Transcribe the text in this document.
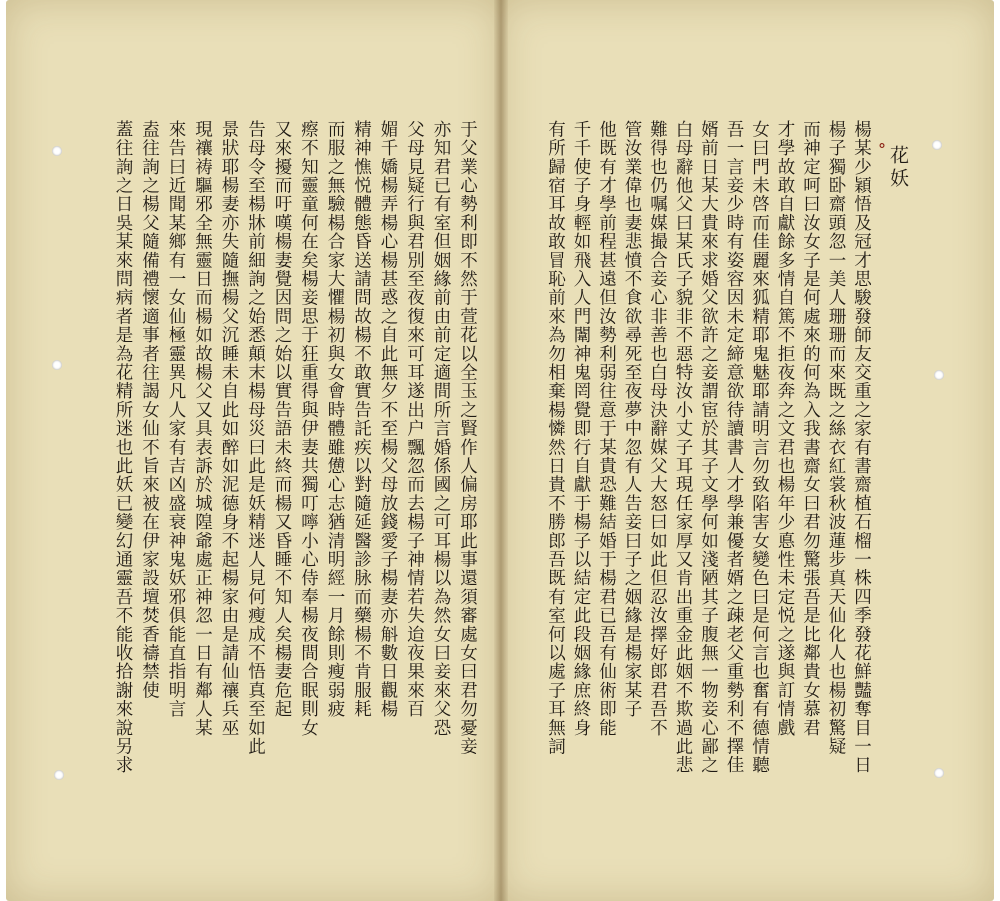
花妖
°
楊某少穎悟及冠才思駿發師友交重之家有書齋植石榴一株四季發花鮮豔奪目一日
楊子獨卧齋頭忽一美人珊珊而來既之絲衣紅裳秋波蓮步真天仙化人也楊初驚疑
而神定呵曰汝女子是何處來的何為入我書齋女曰君勿驚張吾是比鄰貴女慕君
才學故敢自獻餘多情自篤不拒夜奔之文君也楊年少悳性未定悦之遂與訂情戲
女曰門未啓而佳麗來狐精耶鬼魅耶請明言勿致陷害女變色曰是何言也奮有德情聽
吾一言妾少時有姿容因未定締意欲待讀書人才學兼優者婿之疎老父重勢利不擇佳
婿前日某大貴來求婚父欲許之妾謂宦於其子文學何如淺陋其子腹無一物妾心鄙之
白母辭他父曰某氏子貌非不惡特汝小丈子耳現任家厚又肯出重金此姻不欺過此悲
難得也仍嘱媒撮合妾心非善也白母決辭媒父大怒曰如此但忍汝擇好郎君吾不
管汝業偉也妻悲憤不食欲尋死至夜夢中忽有人告妾曰子之姻緣是楊家某子
他既有才學前程甚遠但汝勢利弱往意于某貴恐難結婚于楊君已吾有仙術即能
千千使子身輕如飛入人門闈神鬼罔覺即行自獻于楊子以結定此段姻緣庶終身
有所歸宿耳故敢冒恥前來為勿相棄楊憐然日貴不勝郎吾既有室何以處子耳無詞
于父業心勢利即不然于萱花以全玉之賢作人偏房耶此事還須審處女曰君勿憂妾
亦知君已有室但姻緣前由前定適間所言婚係國之可耳楊以為然女曰妾來父恐
父母見疑行與君別至夜復來可耳遂出户飄忽而去楊子神情若失迨夜果來百
媚千嬌楊弄楊心楊甚惑之自此無夕不至楊父母放錢愛子楊妻亦斛數日觀楊
精神憔悦體態昏送請問故楊不敢實告託疾以對隨延醫診脉而藥楊不肯服耗
而服之無驗楊合家大懼楊初與女會時體雖憊心志猶清明經一月餘則瘦弱疲
瘵不知靈童何在矣楊妾思于狂重得與伊妻共獨叮嚀小心侍奉楊夜間合眠則女
又來擾而吁嘆楊妻覺因問之始以實告語未終而楊又昏睡不知人矣楊妻危起
告母令至楊牀前細詢之始悉顛末楊母災曰此是妖精迷人見何瘦成不悟真至如此
景狀耶楊妻亦失隨撫楊父沉睡未自此如醉如泥德身不起楊家由是請仙禳兵巫
現禳祷驅邪全無靈日而楊如故楊父又具表訴於城隍爺處正神忽一日有鄰人某
來告曰近聞某鄉有一女仙極靈異凡人家有吉凶盛衰神鬼妖邪俱能直指明言
盍往詢之楊父隨備禮懷適事者往謁女仙不旨來被在伊家設壇焚香禱禁使
蓋往詢之日吳某來問病者是為花精所迷也此妖已變幻通靈吾不能收拾謝來說另求
